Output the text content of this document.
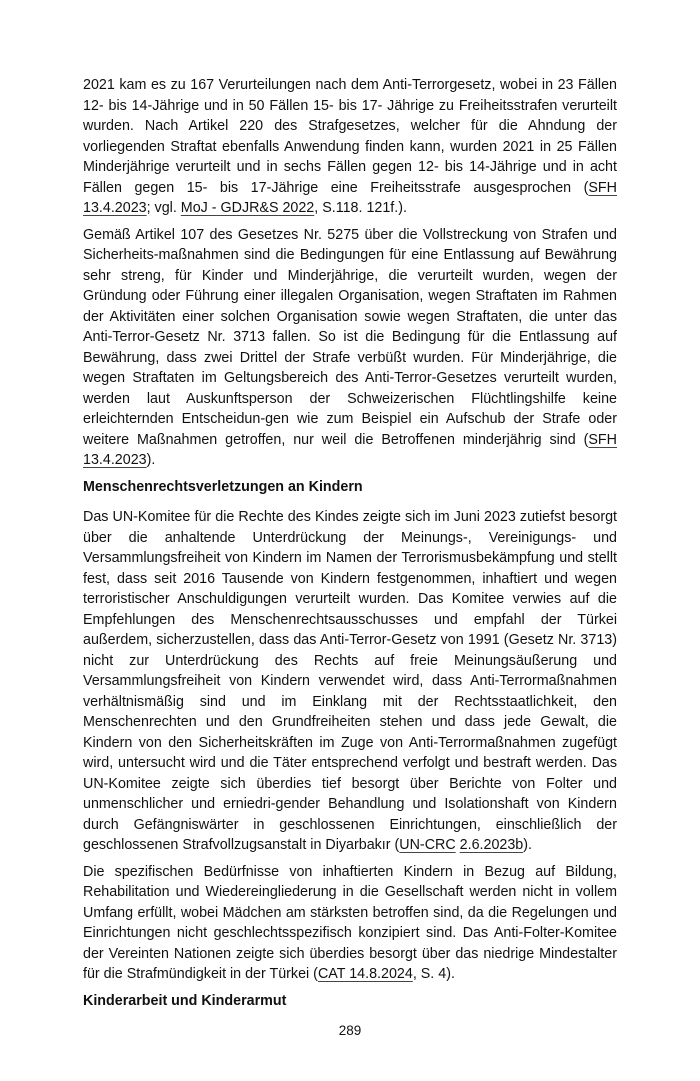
2021 kam es zu 167 Verurteilungen nach dem Anti-Terrorgesetz, wobei in 23 Fällen 12- bis 14-Jährige und in 50 Fällen 15- bis 17- Jährige zu Freiheitsstrafen verurteilt wurden. Nach Artikel 220 des Strafgesetzes, welcher für die Ahndung der vorliegenden Straftat ebenfalls Anwendung finden kann, wurden 2021 in 25 Fällen Minderjährige verurteilt und in sechs Fällen gegen 12- bis 14-Jährige und in acht Fällen gegen 15- bis 17-Jährige eine Freiheitsstrafe ausgesprochen (SFH 13.4.2023; vgl. MoJ - GDJR&S 2022, S.118. 121f.).

Gemäß Artikel 107 des Gesetzes Nr. 5275 über die Vollstreckung von Strafen und Sicherheits-maßnahmen sind die Bedingungen für eine Entlassung auf Bewährung sehr streng, für Kinder und Minderjährige, die verurteilt wurden, wegen der Gründung oder Führung einer illegalen Organisation, wegen Straftaten im Rahmen der Aktivitäten einer solchen Organisation sowie wegen Straftaten, die unter das Anti-Terror-Gesetz Nr. 3713 fallen. So ist die Bedingung für die Entlassung auf Bewährung, dass zwei Drittel der Strafe verbüßt wurden. Für Minderjährige, die wegen Straftaten im Geltungsbereich des Anti-Terror-Gesetzes verurteilt wurden, werden laut Auskunftsperson der Schweizerischen Flüchtlingshilfe keine erleichternden Entscheidun-gen wie zum Beispiel ein Aufschub der Strafe oder weitere Maßnahmen getroffen, nur weil die Betroffenen minderjährig sind (SFH 13.4.2023).

Menschenrechtsverletzungen an Kindern

Das UN-Komitee für die Rechte des Kindes zeigte sich im Juni 2023 zutiefst besorgt über die anhaltende Unterdrückung der Meinungs-, Vereinigungs- und Versammlungsfreiheit von Kindern im Namen der Terrorismusbekämpfung und stellt fest, dass seit 2016 Tausende von Kindern festgenommen, inhaftiert und wegen terroristischer Anschuldigungen verurteilt wurden. Das Komitee verwies auf die Empfehlungen des Menschenrechtsausschusses und empfahl der Türkei außerdem, sicherzustellen, dass das Anti-Terror-Gesetz von 1991 (Gesetz Nr. 3713) nicht zur Unterdrückung des Rechts auf freie Meinungsäußerung und Versammlungsfreiheit von Kindern verwendet wird, dass Anti-Terrormaßnahmen verhältnismäßig sind und im Einklang mit der Rechtsstaatlichkeit, den Menschenrechten und den Grundfreiheiten stehen und dass jede Gewalt, die Kindern von den Sicherheitskräften im Zuge von Anti-Terrormaßnahmen zugefügt wird, untersucht wird und die Täter entsprechend verfolgt und bestraft werden. Das UN-Komitee zeigte sich überdies tief besorgt über Berichte von Folter und unmenschlicher und erniedri-gender Behandlung und Isolationshaft von Kindern durch Gefängniswärter in geschlossenen Einrichtungen, einschließlich der geschlossenen Strafvollzugsanstalt in Diyarbakır (UN-CRC 2.6.2023b).

Die spezifischen Bedürfnisse von inhaftierten Kindern in Bezug auf Bildung, Rehabilitation und Wiedereingliederung in die Gesellschaft werden nicht in vollem Umfang erfüllt, wobei Mädchen am stärksten betroffen sind, da die Regelungen und Einrichtungen nicht geschlechtsspezifisch konzipiert sind. Das Anti-Folter-Komitee der Vereinten Nationen zeigte sich überdies besorgt über das niedrige Mindestalter für die Strafmündigkeit in der Türkei (CAT 14.8.2024, S. 4).

Kinderarbeit und Kinderarmut
289
